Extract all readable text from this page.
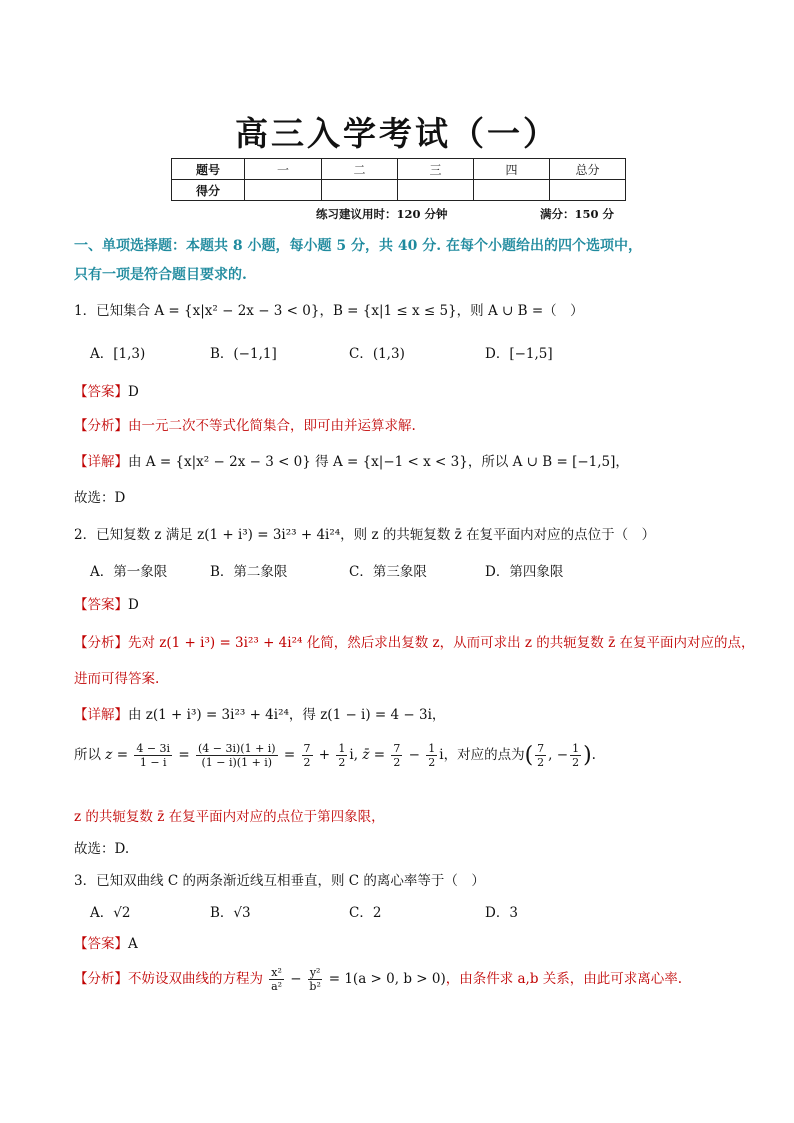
高三入学考试（一）
题号	一	二	三	四	总分
得分					
练习建议用时：120 分钟	满分：150 分
一、单项选择题：本题共 8 小题，每小题 5 分，共 40 分. 在每个小题给出的四个选项中，
只有一项是符合题目要求的.
1．已知集合 A = {x|x² − 2x − 3 < 0}，B = {x|1 ≤ x ≤ 5}，则 A ∪ B =（　）
A．[1,3)	B．(−1,1]	C．(1,3)	D．[−1,5]
【答案】D
【分析】由一元二次不等式化简集合，即可由并运算求解.
【详解】由 A = {x|x² − 2x − 3 < 0} 得 A = {x|−1 < x < 3}，所以 A ∪ B = [−1,5]，
故选：D
2．已知复数 z 满足 z(1 + i³) = 3i²³ + 4i²⁴，则 z 的共轭复数 z̄ 在复平面内对应的点位于（　）
A．第一象限	B．第二象限	C．第三象限	D．第四象限
【答案】D
【分析】先对 z(1 + i³) = 3i²³ + 4i²⁴ 化简，然后求出复数 z，从而可求出 z 的共轭复数 z̄ 在复平面内对应的点，
进而可得答案.
【详解】由 z(1 + i³) = 3i²³ + 4i²⁴，得 z(1 − i) = 4 − 3i，
所以 $z = \frac{4 - 3i}{1 - i} = \frac{(4 - 3i)(1 + i)}{(1 - i)(1 + i)} = \frac{7}{2} + \frac{1}{2} i$, z̄ = $\frac{7}{2} - \frac{1}{2}$ i，对应的点为( $\frac{7}{2}$ , − $\frac{1}{2}$ ).
z 的共轭复数 z̄ 在复平面内对应的点位于第四象限，
故选：D.
3．已知双曲线 C 的两条渐近线互相垂直，则 C 的离心率等于（　）
A．√2	B．√3	C．2	D．3
【答案】A
【分析】不妨设双曲线的方程为 $\frac{\text{x²}}{\text{a²}} - \frac{\text{y²}}{\text{b²}} = 1(a > 0$, b > 0)，由条件求 a,b 关系，由此可求离心率.
